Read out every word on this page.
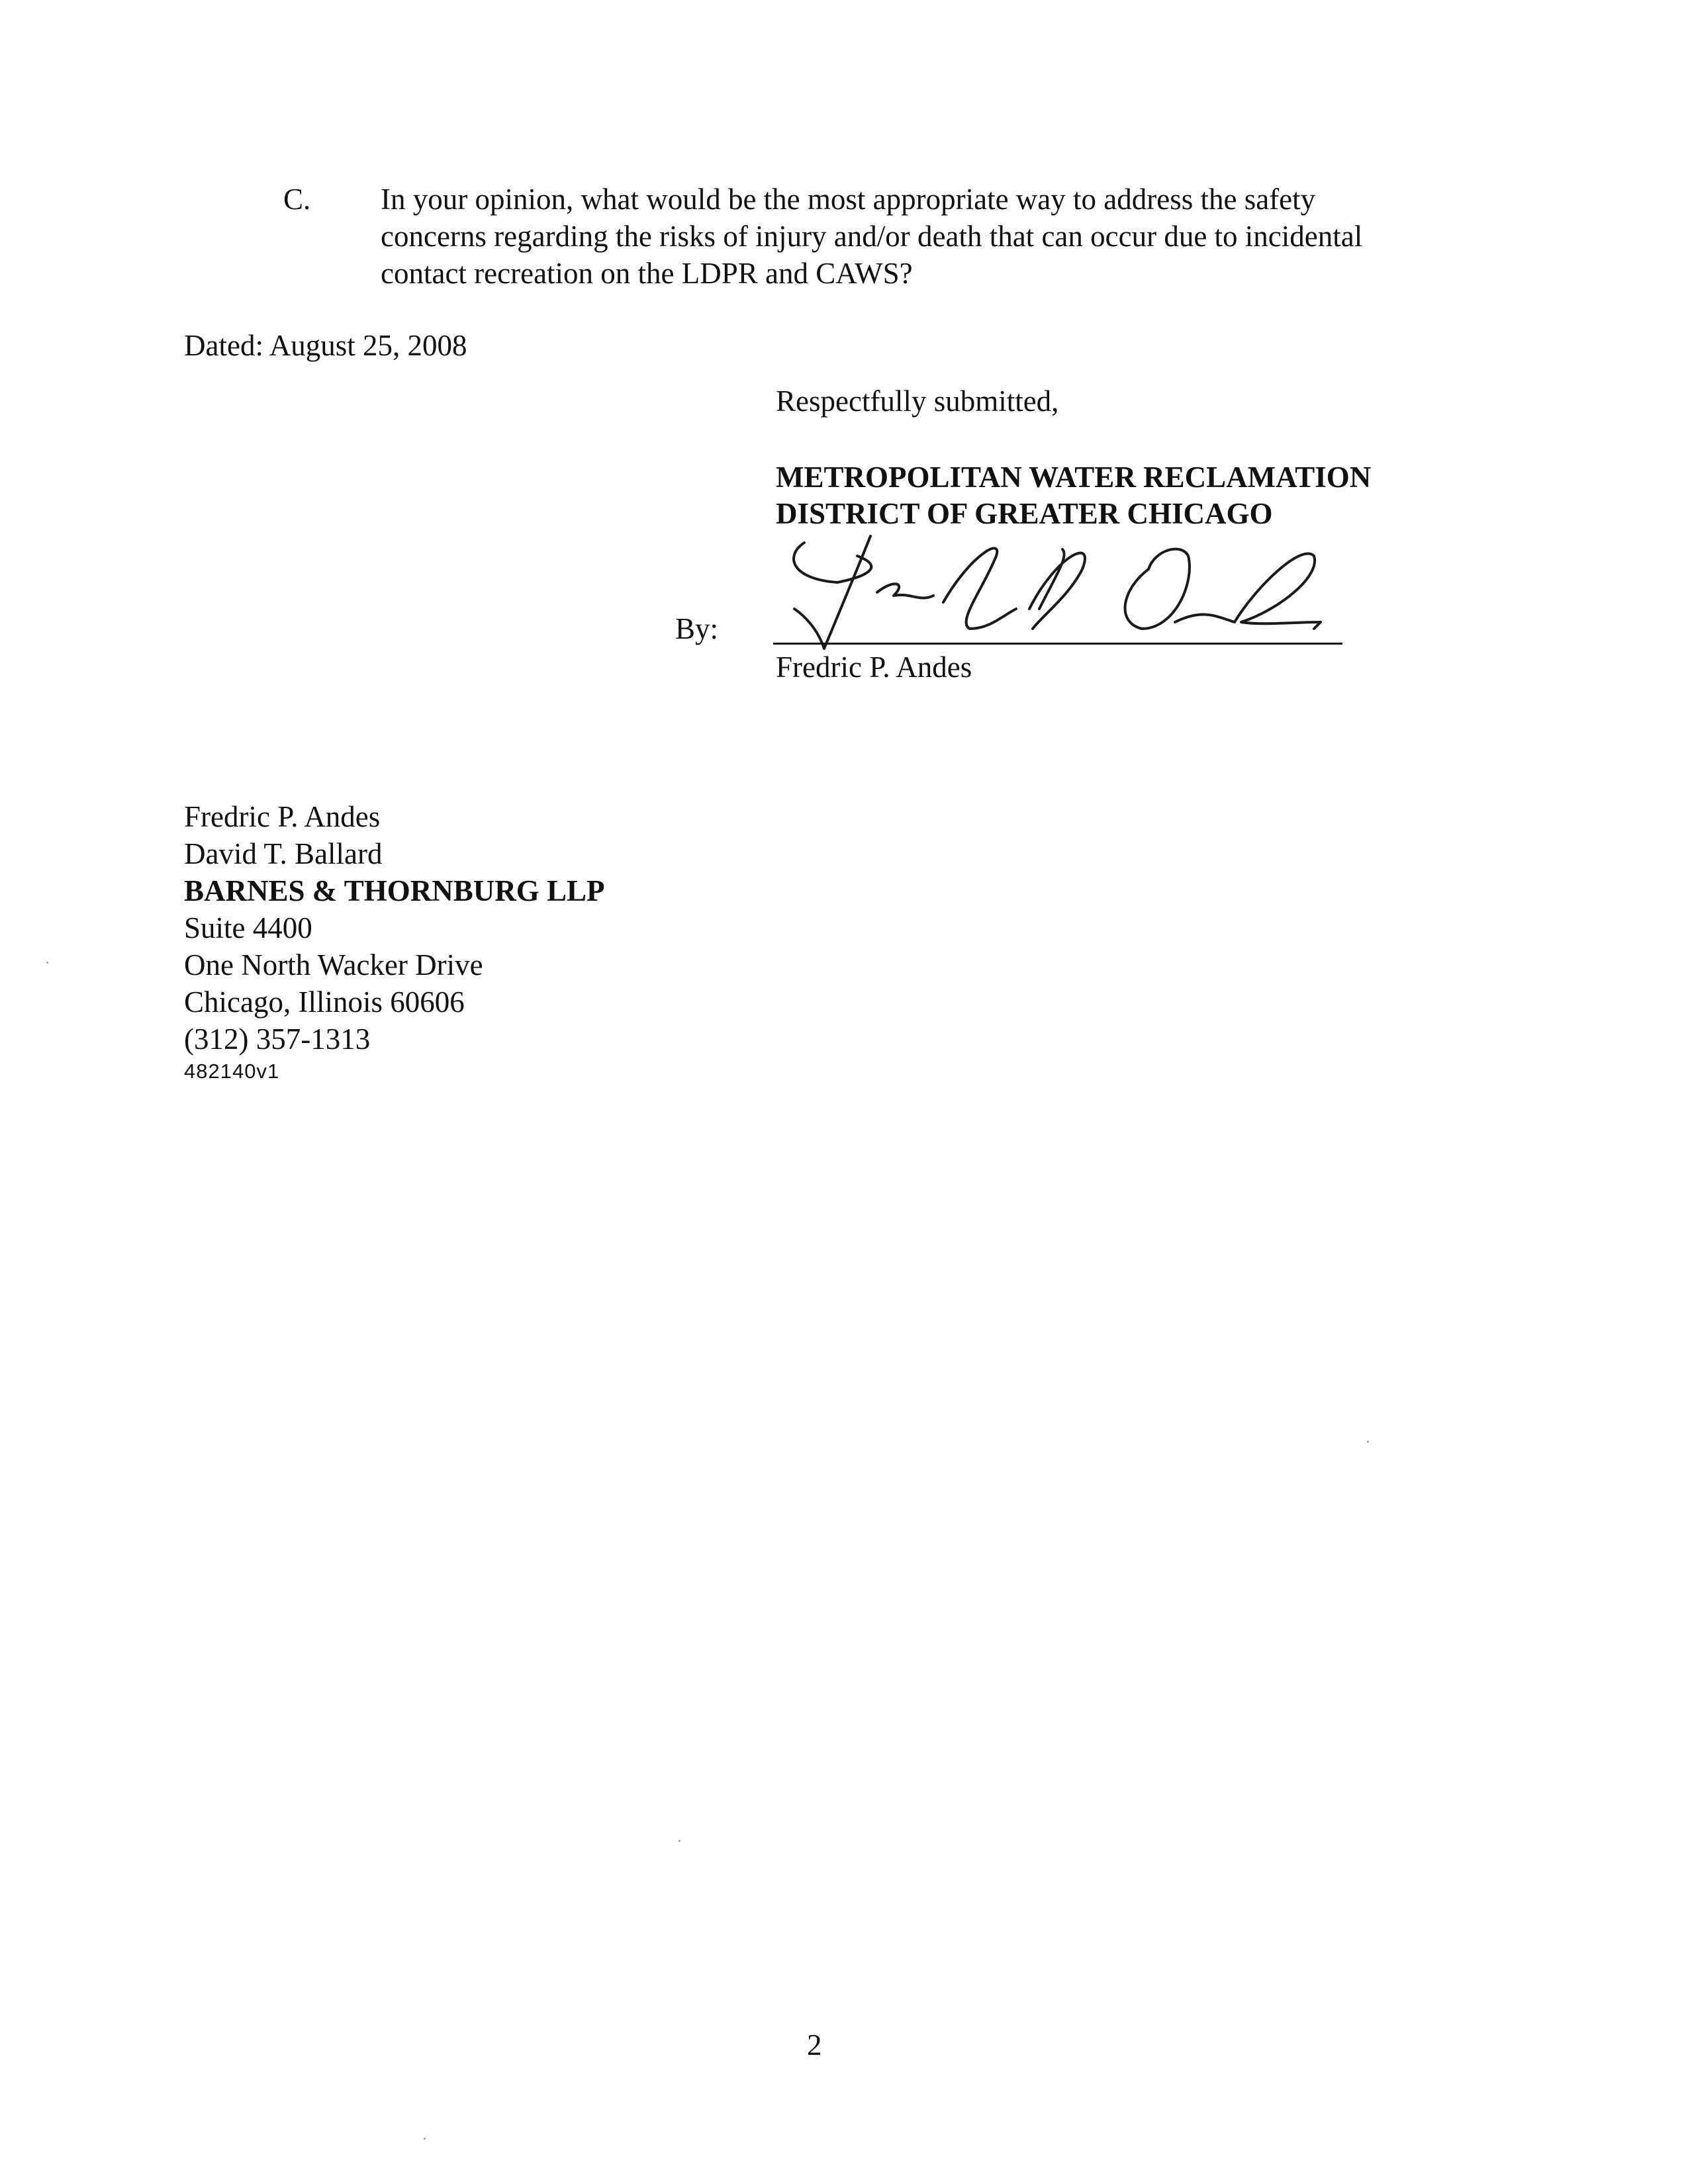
C. In your opinion, what would be the most appropriate way to address the safety
concerns regarding the risks of injury and/or death that can occur due to incidental
contact recreation on the LDPR and CAWS?
Dated: August 25, 2008
Respectfully submitted,
METROPOLITAN WATER RECLAMATION
DISTRICT OF GREATER CHICAGO
By:
Fredric P. Andes
Fredric P. Andes
David T. Ballard
BARNES & THORNBURG LLP
Suite 4400
One North Wacker Drive
Chicago, Illinois 60606
(312) 357-1313
482140v1
2
